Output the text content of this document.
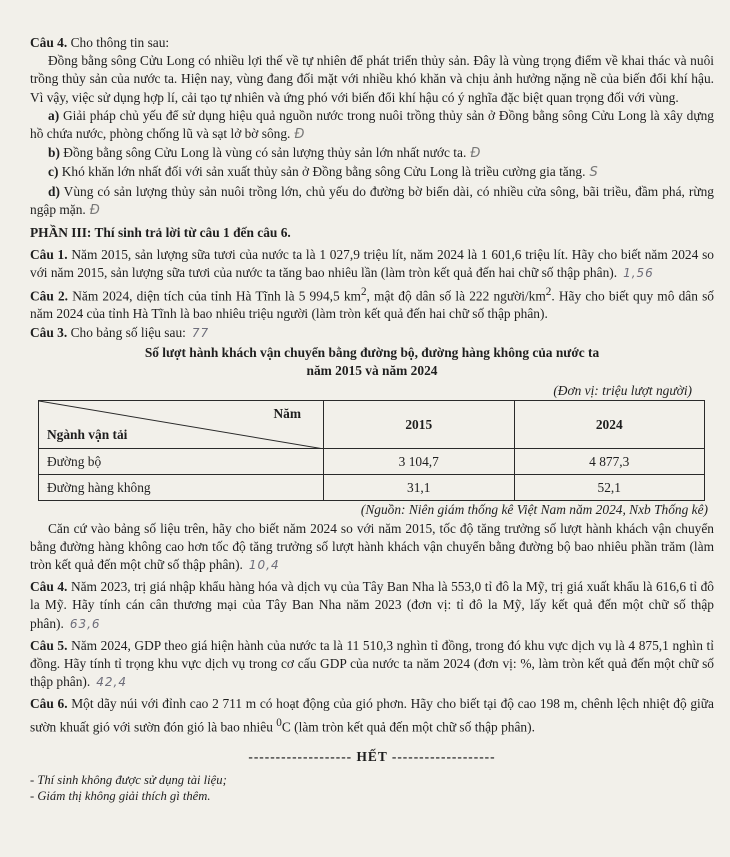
Câu 4. Cho thông tin sau:

Đồng bằng sông Cửu Long có nhiều lợi thế về tự nhiên để phát triển thủy sản. Đây là vùng trọng điểm về khai thác và nuôi trồng thủy sản của nước ta. Hiện nay, vùng đang đối mặt với nhiều khó khăn và chịu ảnh hưởng nặng nề của biến đổi khí hậu. Vì vậy, việc sử dụng hợp lí, cải tạo tự nhiên và ứng phó với biến đổi khí hậu có ý nghĩa đặc biệt quan trọng đối với vùng.

a) Giải pháp chủ yếu để sử dụng hiệu quả nguồn nước trong nuôi trồng thủy sản ở Đồng bằng sông Cửu Long là xây dựng hồ chứa nước, phòng chống lũ và sạt lở bờ sông. Đ

b) Đồng bằng sông Cửu Long là vùng có sản lượng thủy sản lớn nhất nước ta. Đ

c) Khó khăn lớn nhất đối với sản xuất thủy sản ở Đồng bằng sông Cửu Long là triều cường gia tăng. S

d) Vùng có sản lượng thủy sản nuôi trồng lớn, chủ yếu do đường bờ biển dài, có nhiều cửa sông, bãi triều, đầm phá, rừng ngập mặn. Đ

PHẦN III: Thí sinh trả lời từ câu 1 đến câu 6.

Câu 1. Năm 2015, sản lượng sữa tươi của nước ta là 1 027,9 triệu lít, năm 2024 là 1 601,6 triệu lít. Hãy cho biết năm 2024 so với năm 2015, sản lượng sữa tươi của nước ta tăng bao nhiêu lần (làm tròn kết quả đến hai chữ số thập phân). 1,56

Câu 2. Năm 2024, diện tích của tỉnh Hà Tĩnh là 5 994,5 $km^2$, mật độ dân số là 222 người/$km^2$. Hãy cho biết quy mô dân số năm 2024 của tỉnh Hà Tĩnh là bao nhiêu triệu người (làm tròn kết quả đến hai chữ số thập phân).

Câu 3. Cho bảng số liệu sau: 77

Số lượt hành khách vận chuyển bằng đường bộ, đường hàng không của nước ta
năm 2015 và năm 2024
(Đơn vị: triệu lượt người)
Năm
Ngành vận tải	2015	2024
Đường bộ	3 104,7	4 877,3
Đường hàng không	31,1	52,1
(Nguồn: Niên giám thống kê Việt Nam năm 2024, Nxb Thống kê)

Căn cứ vào bảng số liệu trên, hãy cho biết năm 2024 so với năm 2015, tốc độ tăng trưởng số lượt hành khách vận chuyển bằng đường hàng không cao hơn tốc độ tăng trưởng số lượt hành khách vận chuyển bằng đường bộ bao nhiêu phần trăm (làm tròn kết quả đến một chữ số thập phân). 10,4

Câu 4. Năm 2023, trị giá nhập khẩu hàng hóa và dịch vụ của Tây Ban Nha là 553,0 tỉ đô la Mỹ, trị giá xuất khẩu là 616,6 tỉ đô la Mỹ. Hãy tính cán cân thương mại của Tây Ban Nha năm 2023 (đơn vị: tỉ đô la Mỹ, lấy kết quả đến một chữ số thập phân). 63,6

Câu 5. Năm 2024, GDP theo giá hiện hành của nước ta là 11 510,3 nghìn tỉ đồng, trong đó khu vực dịch vụ là 4 875,1 nghìn tỉ đồng. Hãy tính tỉ trọng khu vực dịch vụ trong cơ cấu GDP của nước ta năm 2024 (đơn vị: %, làm tròn kết quả đến một chữ số thập phân). 42,4

Câu 6. Một dãy núi với đỉnh cao 2 711 m có hoạt động của gió phơn. Hãy cho biết tại độ cao 198 m, chênh lệch nhiệt độ giữa sườn khuất gió với sườn đón gió là bao nhiêu $^0$C (làm tròn kết quả đến một chữ số thập phân).

------------------- HẾT -------------------
- Thí sinh không được sử dụng tài liệu;
- Giám thị không giải thích gì thêm.
